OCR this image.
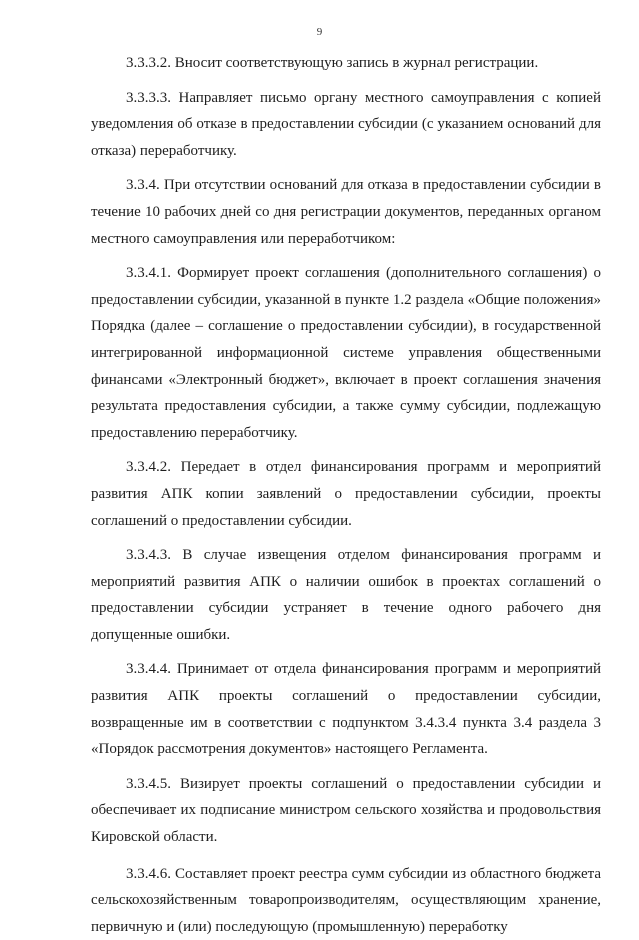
9

3.3.3.2. Вносит соответствующую запись в журнал регистрации.

3.3.3.3. Направляет письмо органу местного самоуправления с копией уведомления об отказе в предоставлении субсидии (с указанием оснований для отказа) переработчику.

3.3.4. При отсутствии оснований для отказа в предоставлении субсидии в течение 10 рабочих дней со дня регистрации документов, переданных органом местного самоуправления или переработчиком:

3.3.4.1. Формирует проект соглашения (дополнительного соглашения) о предоставлении субсидии, указанной в пункте 1.2 раздела «Общие положения» Порядка (далее – соглашение о предоставлении субсидии), в государственной интегрированной информационной системе управления общественными финансами «Электронный бюджет», включает в проект соглашения значения результата предоставления субсидии, а также сумму субсидии, подлежащую предоставлению переработчику.

3.3.4.2. Передает в отдел финансирования программ и мероприятий развития АПК копии заявлений о предоставлении субсидии, проекты соглашений о предоставлении субсидии.

3.3.4.3. В случае извещения отделом финансирования программ и мероприятий развития АПК о наличии ошибок в проектах соглашений о предоставлении субсидии устраняет в течение одного рабочего дня допущенные ошибки.

3.3.4.4. Принимает от отдела финансирования программ и мероприятий развития АПК проекты соглашений о предоставлении субсидии, возвращенные им в соответствии с подпунктом 3.4.3.4 пункта 3.4 раздела 3 «Порядок рассмотрения документов» настоящего Регламента.

3.3.4.5. Визирует проекты соглашений о предоставлении субсидии и обеспечивает их подписание министром сельского хозяйства и продовольствия Кировской области.

3.3.4.6. Составляет проект реестра сумм субсидии из областного бюджета сельскохозяйственным товаропроизводителям, осуществляющим хранение, первичную и (или) последующую (промышленную) переработку
